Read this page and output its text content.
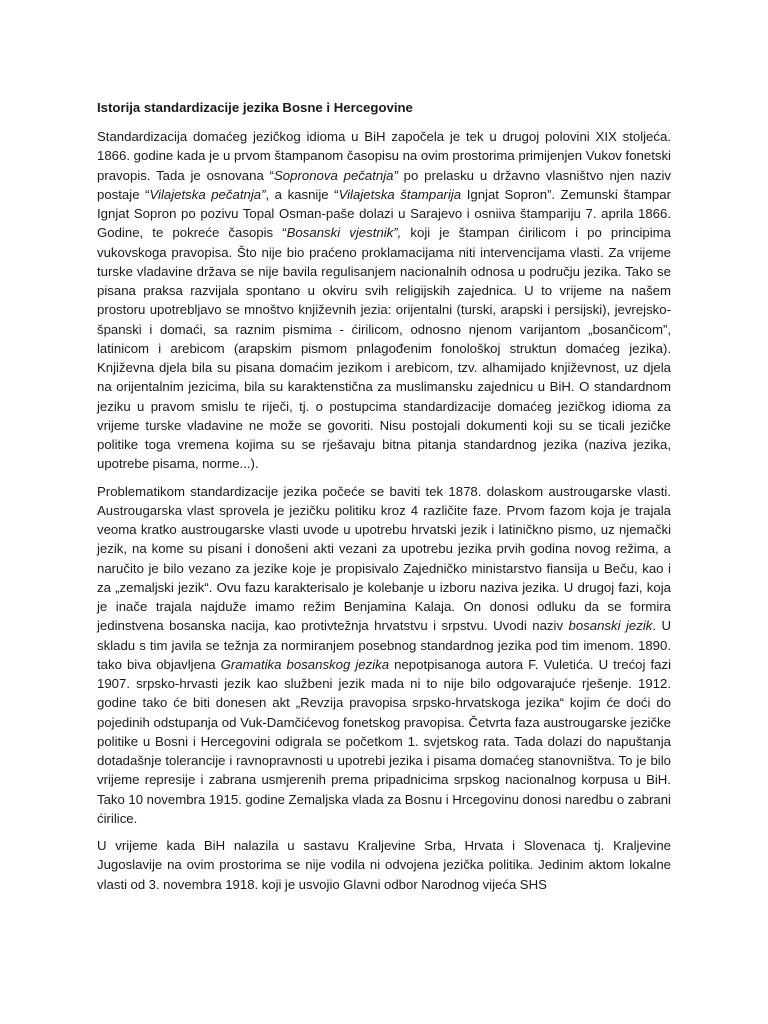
Istorija standardizacije jezika Bosne i Hercegovine

Standardizacija domaćeg jezičkog idioma u BiH započela je tek u drugoj polovini XIX stoljeća. 1866. godine kada je u prvom štampanom časopisu na ovim prostorima primijenjen Vukov fonetski pravopis. Tada je osnovana “Sopronova pečatnja” po prelasku u državno vlasništvo njen naziv postaje “Vilajetska pečatnja”, a kasnije “Vilajetska štamparija Ignjat Sopron”. Zemunski štampar Ignjat Sopron po pozivu Topal Osman-paše dolazi u Sarajevo i osniiva štampariju 7. aprila 1866. Godine, te pokreće časopis “Bosanski vjestnik”, koji je štampan ćirilicom i po principima vukovskoga pravopisa. Što nije bio praćeno proklamacijama niti intervencijama vlasti. Za vrijeme turske vladavine država se nije bavila regulisanjem nacionalnih odnosa u području jezika. Tako se pisana praksa razvijala spontano u okviru svih religijskih zajednica. U to vrijeme na našem prostoru upotrebljavo se mnoštvo književnih jezia: orijentalni (turski, arapski i persijski), jevrejsko-španski i domaći, sa raznim pismima - ćirilicom, odnosno njenom varijantom „bosančicom”, latinicom i arebicom (arapskim pismom pnlagođenim fonološkoj struktun domaćeg jezika). Književna djela bila su pisana domaćim jezikom i arebicom, tzv. alhamijado književnost, uz djela na orijentalnim jezicima, bila su karaktenstična za muslimansku zajednicu u BiH. O standardnom jeziku u pravom smislu te riječi, tj. o postupcima standardizacije domaćeg jezičkog idioma za vrijeme turske vladavine ne može se govoriti. Nisu postojali dokumenti koji su se ticali jezičke politike toga vremena kojima su se rješavaju bitna pitanja standardnog jezika (naziva jezika, upotrebe pisama, norme...).

Problematikom standardizacije jezika počeće se baviti tek 1878. dolaskom austrougarske vlasti. Austrougarska vlast sprovela je jezičku politiku kroz 4 različite faze. Prvom fazom koja je trajala veoma kratko austrougarske vlasti uvode u upotrebu hrvatski jezik i latiničkno pismo, uz njemački jezik, na kome su pisani i donošeni akti vezani za upotrebu jezika prvih godina novog režima, a naručito je bilo vezano za jezike koje je propisivalo Zajedničko ministarstvo fiansija u Beču, kao i za „zemaljski jezik“. Ovu fazu karakterisalo je kolebanje u izboru naziva jezika. U drugoj fazi, koja je inače trajala najduže imamo režim Benjamina Kalaja. On donosi odluku da se formira jedinstvena bosanska nacija, kao protivtežnja hrvatstvu i srpstvu. Uvodi naziv bosanski jezik. U skladu s tim javila se težnja za normiranjem posebnog standardnog jezika pod tim imenom. 1890. tako biva objavljena Gramatika bosanskog jezika nepotpisanoga autora F. Vuletića. U trećoj fazi 1907. srpsko-hrvasti jezik kao službeni jezik mada ni to nije bilo odgovarajuće rješenje. 1912. godine tako će biti donesen akt „Revzija pravopisa srpsko-hrvatskoga jezika“ kojim će doći do pojedinih odstupanja od Vuk-Damčićevog fonetskog pravopisa. Četvrta faza austrougarske jezičke politike u Bosni i Hercegovini odigrala se početkom 1. svjetskog rata. Tada dolazi do napuštanja dotadašnje tolerancije i ravnopravnosti u upotrebi jezika i pisama domaćeg stanovništva. To je bilo vrijeme represije i zabrana usmjerenih prema pripadnicima srpskog nacionalnog korpusa u BiH. Tako 10 novembra 1915. godine Zemaljska vlada za Bosnu i Hrcegovinu donosi naredbu o zabrani ćirilice.

U vrijeme kada BiH nalazila u sastavu Kraljevine Srba, Hrvata i Slovenaca tj. Kraljevine Jugoslavije na ovim prostorima se nije vodila ni odvojena jezička politika. Jedinim aktom lokalne vlasti od 3. novembra 1918. koji je usvojio Glavni odbor Narodnog vijeća SHS
